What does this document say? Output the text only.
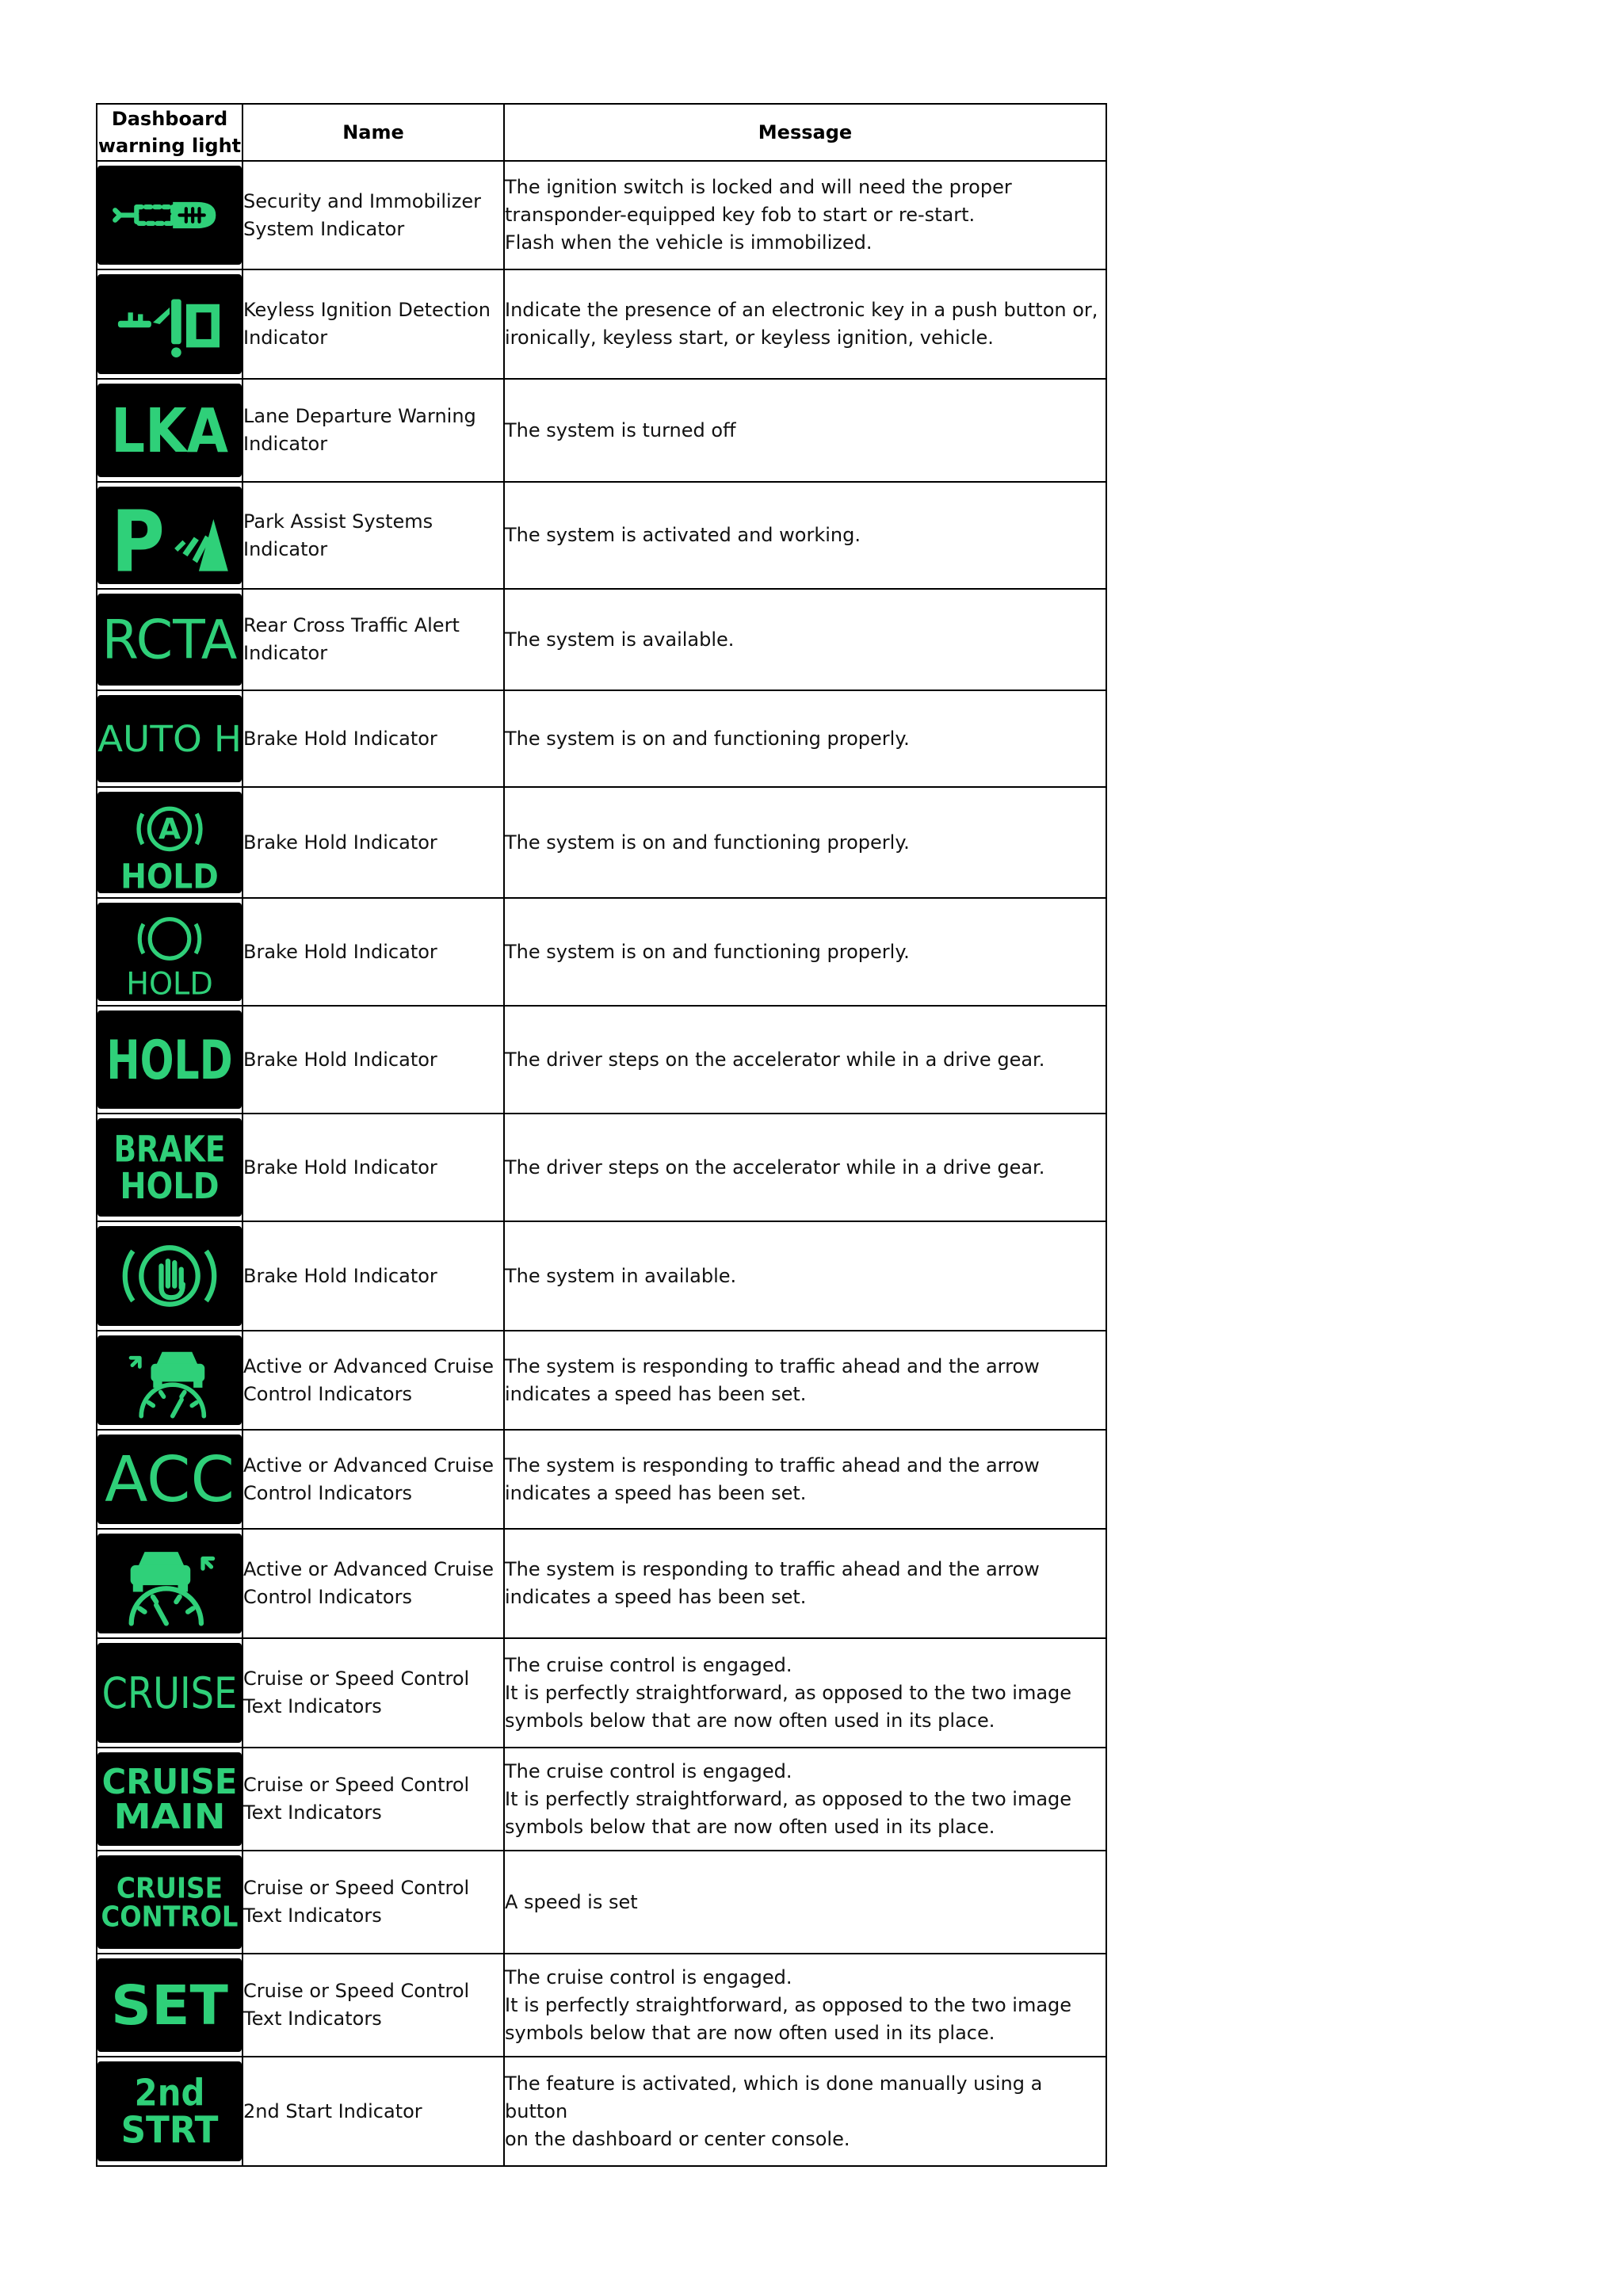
Dashboard
warning light	Name	Message

	Security and Immobilizer
System Indicator	The ignition switch is locked and will need the proper
transponder-equipped key fob to start or re-start.
Flash when the vehicle is immobilized.

	Keyless Ignition Detection
Indicator	Indicate the presence of an electronic key in a push button or,
ironically, keyless start, or keyless ignition, vehicle.

LKA	Lane Departure Warning
Indicator	The system is turned off

P	Park Assist Systems
Indicator	The system is activated and working.

RCTA	Rear Cross Traffic Alert
Indicator	The system is available.

AUTO H	Brake Hold Indicator	The system is on and functioning properly.

A
HOLD	Brake Hold Indicator	The system is on and functioning properly.

HOLD	Brake Hold Indicator	The system is on and functioning properly.

HOLD	Brake Hold Indicator	The driver steps on the accelerator while in a drive gear.

BRAKE
HOLD	Brake Hold Indicator	The driver steps on the accelerator while in a drive gear.

	Brake Hold Indicator	The system in available.

	Active or Advanced Cruise
Control Indicators	The system is responding to traffic ahead and the arrow
indicates a speed has been set.

ACC	Active or Advanced Cruise
Control Indicators	The system is responding to traffic ahead and the arrow
indicates a speed has been set.

	Active or Advanced Cruise
Control Indicators	The system is responding to traffic ahead and the arrow
indicates a speed has been set.

CRUISE	Cruise or Speed Control
Text Indicators	The cruise control is engaged.
It is perfectly straightforward, as opposed to the two image
symbols below that are now often used in its place.

CRUISE
MAIN	Cruise or Speed Control
Text Indicators	The cruise control is engaged.
It is perfectly straightforward, as opposed to the two image
symbols below that are now often used in its place.

CRUISE
CONTROL	Cruise or Speed Control
Text Indicators	A speed is set

SET	Cruise or Speed Control
Text Indicators	The cruise control is engaged.
It is perfectly straightforward, as opposed to the two image
symbols below that are now often used in its place.

2nd
STRT	2nd Start Indicator	The feature is activated, which is done manually using a button
on the dashboard or center console.
